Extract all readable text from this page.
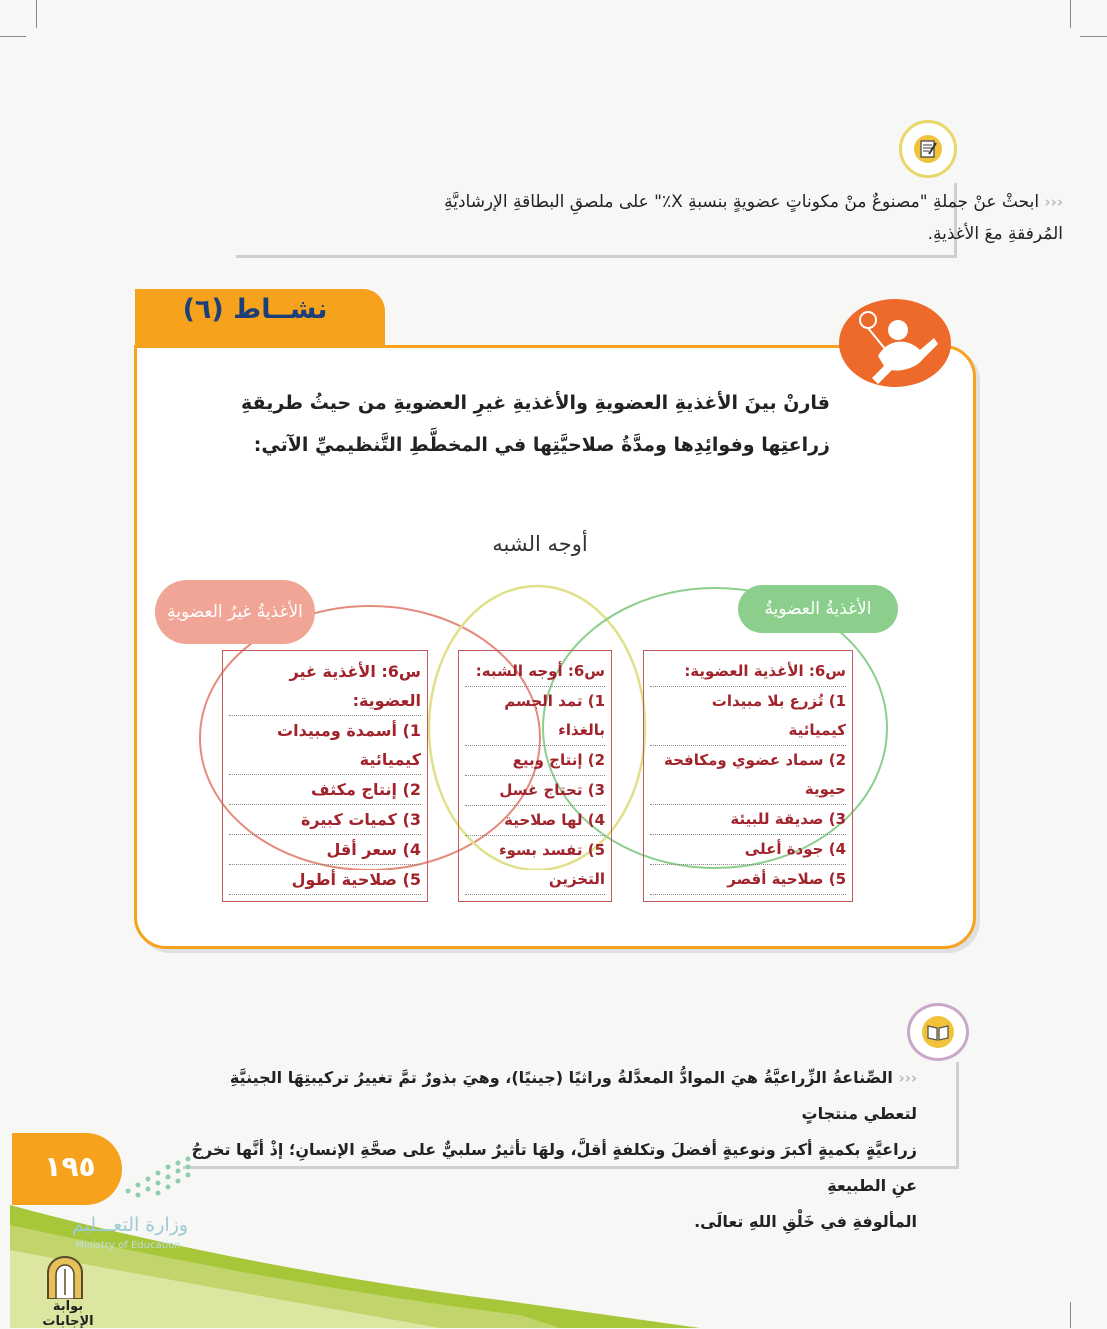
‹‹‹ ابحثْ عنْ جملةِ "مصنوعٌ منْ مكوناتٍ عضويةٍ بنسبةِ X٪" على ملصقِ البطاقةِ الإرشاديَّةِ
المُرفقةِ معَ الأغذيةِ.
نشــاط (٦)
قارنْ بينَ الأغذيةِ العضويةِ والأغذيةِ غيرِ العضويةِ من حيثُ طريقةِ زراعتِها وفوائِدِها ومدَّةُ صلاحيَّتِها في المخطَّطِ التَّنظيميِّ الآتي:
أوجه الشبه
الأغذيةُ غيرُ العضويةِ	الأغذيةُ العضويةُ
س6: الأغذية غير العضوية:
1) أسمدة ومبيدات كيميائية
2) إنتاج مكثف
3) كميات كبيرة
4) سعر أقل
5) صلاحية أطول
س6: أوجه الشبه:
1) تمد الجسم بالغذاء
2) إنتاج وبيع
3) تحتاج غسل
4) لها صلاحية
5) تفسد بسوء التخزين
س6: الأغذية العضوية:
1) تُزرع بلا مبيدات كيميائية
2) سماد عضوي ومكافحة حيوية
3) صديقة للبيئة
4) جودة أعلى
5) صلاحية أقصر
‹‹‹ الصِّناعةُ الزِّراعيَّةُ هيَ الموادُّ المعدَّلةُ وراثيًا (جينيًا)، وهيَ بذورٌ تمَّ تغييرُ تركيبتِهَا الجينيَّةِ لتعطي منتجاتٍ
زراعيَّةٍ بكميةٍ أكبرَ ونوعيةٍ أفضلَ وتكلفةٍ أقلَّ، ولهَا تأثيرٌ سلبيٌّ على صحَّةِ الإنسانِ؛ إذْ أنَّها تخرجُ عنِ الطبيعةِ
المألوفةِ في خَلْقِ اللهِ تعالَى.
١٩٥
وزارة التعـــليم
Ministry of Education
بوابة الإجابات
